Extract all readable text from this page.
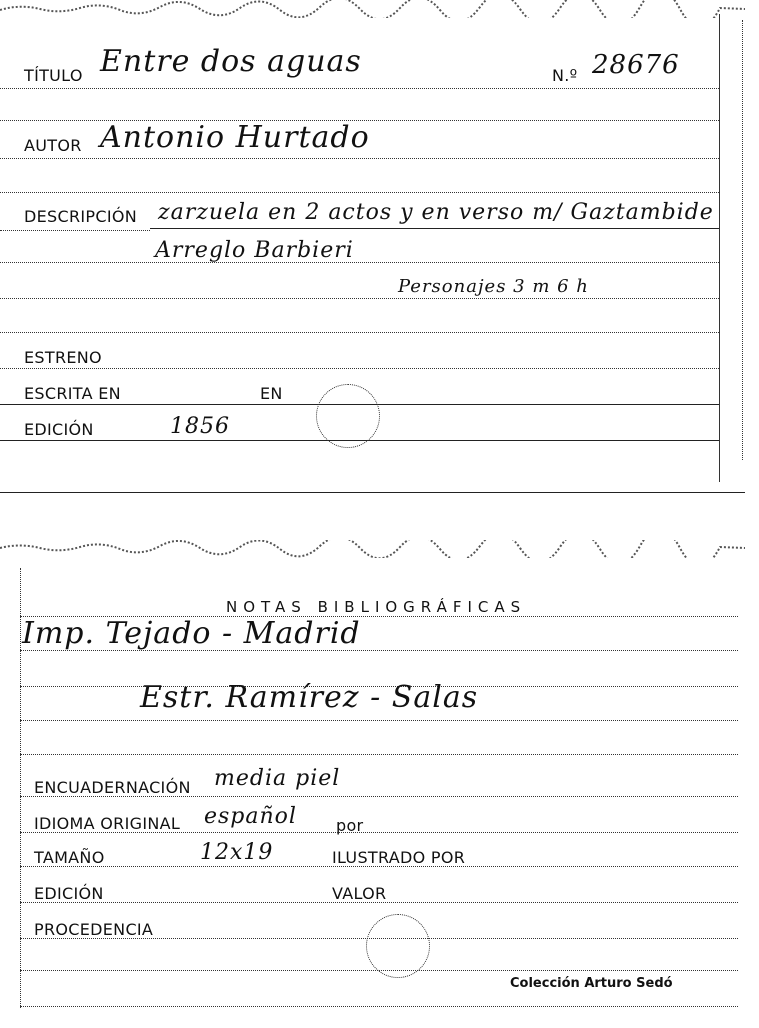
TÍTULO Entre dos aguas	N.º 28676
AUTOR Antonio Hurtado
DESCRIPCIÓN zarzuela en 2 actos y en verso m/ Gaztambide
Arreglo Barbieri
Personajes 3 m 6 h
ESTRENO
ESCRITA EN	EN
EDICIÓN	1856
NOTAS BIBLIOGRÁFICAS
Imp. Tejado - Madrid
Estr. Ramírez - Salas
ENCUADERNACIÓN media piel
IDIOMA ORIGINAL español por
TAMAÑO	12x19	ILUSTRADO POR
EDICIÓN	VALOR
PROCEDENCIA
Colección Arturo Sedó
